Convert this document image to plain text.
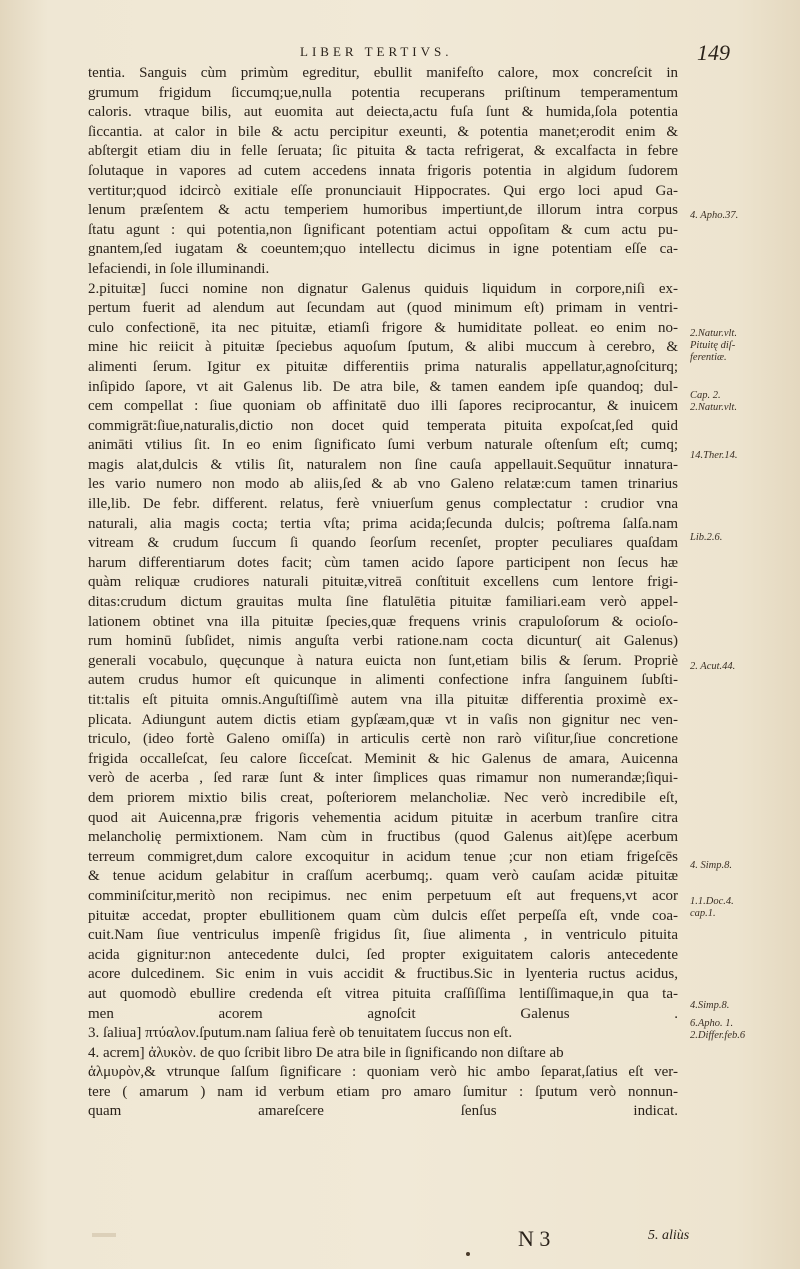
LIBER TERTIVS.	149
tentia. Sanguis cùm primùm egreditur, ebullit manifeſto calore, mox concreſcit in
grumum frigidum ſiccumq;ue,nulla potentia recuperans priſtinum temperamentum
caloris. vtraque bilis, aut euomita aut deiecta,actu fuſa ſunt & humida,ſola potentia
ſiccantia. at calor in bile & actu percipitur exeunti, & potentia manet;erodit enim &
abſtergit etiam diu in felle ſeruata; ſic pituita & tacta refrigerat, & excalfacta in febre
ſolutaque in vapores ad cutem accedens innata frigoris potentia in algidum ſudorem
vertitur;quod idcircò exitiale eſſe pronunciauit Hippocrates. Qui ergo loci apud Ga-
lenum præſentem & actu temperiem humoribus impertiunt,de illorum intra corpus
ſtatu agunt : qui potentia,non ſignificant potentiam actui oppoſitam & cum actu pu-
gnantem,ſed iugatam & coeuntem;quo intellectu dicimus in igne potentiam eſſe ca-
lefaciendi, in ſole illuminandi.
2.pituitæ] ſucci nomine non dignatur Galenus quiduis liquidum in corpore,niſi ex-
pertum fuerit ad alendum aut ſecundam aut (quod minimum eſt) primam in ventri-
culo confectionē, ita nec pituitæ, etiamſi frigore & humiditate polleat. eo enim no-
mine hic reiicit à pituitæ ſpeciebus aquoſum ſputum, & alibi muccum à cerebro, &
alimenti ſerum. Igitur ex pituitæ differentiis prima naturalis appellatur,agnoſciturq;
inſipido ſapore, vt ait Galenus lib. De atra bile, & tamen eandem ipſe quandoq; dul-
cem compellat : ſiue quoniam ob affinitatē duo illi ſapores reciprocantur, & inuicem
commigrāt:ſiue,naturalis,dictio non docet quid temperata pituita expoſcat,ſed quid
animāti vtilius ſit. In eo enim ſignificato ſumi verbum naturale oſtenſum eſt; cumq;
magis alat,dulcis & vtilis ſit, naturalem non ſine cauſa appellauit.Sequūtur innatura-
les vario numero non modo ab aliis,ſed & ab vno Galeno relatæ:cum tamen trinarius
ille,lib. De febr. different. relatus, ferè vniuerſum genus complectatur : crudior vna
naturali, alia magis cocta; tertia vſta; prima acida;ſecunda dulcis; poſtrema ſalſa.nam
vitream & crudum ſuccum ſi quando ſeorſum recenſet, propter peculiares quaſdam
harum differentiarum dotes facit; cùm tamen acido ſapore participent non ſecus hæ
quàm reliquæ crudiores naturali pituitæ,vitreā conſtituit excellens cum lentore frigi-
ditas:crudum dictum grauitas multa ſine flatulētia pituitæ familiari.eam verò appel-
lationem obtinet vna illa pituitæ ſpecies,quæ frequens vrinis crapuloſorum & ocioſo-
rum hominū ſubſidet, nimis anguſta verbi ratione.nam cocta dicuntur( ait Galenus)
generali vocabulo, quęcunque à natura euicta non ſunt,etiam bilis & ſerum. Propriè
autem crudus humor eſt quicunque in alimenti confectione infra ſanguinem ſubſti-
tit:talis eſt pituita omnis.Anguſtiſſimè autem vna illa pituitæ differentia proximè ex-
plicata. Adiungunt autem dictis etiam gypſæam,quæ vt in vaſis non gignitur nec ven-
triculo, (ideo fortè Galeno omiſſa) in articulis certè non rarò viſitur,ſiue concretione
frigida occalleſcat, ſeu calore ſicceſcat. Meminit & hic Galenus de amara, Auicenna
verò de acerba , ſed raræ ſunt & inter ſimplices quas rimamur non numerandæ;ſiqui-
dem priorem mixtio bilis creat, poſteriorem melancholiæ. Nec verò incredibile eſt,
quod ait Auicenna,præ frigoris vehementia acidum pituitæ in acerbum tranſire citra
melancholię permixtionem. Nam cùm in fructibus (quod Galenus ait)ſępe acerbum
terreum commigret,dum calore excoquitur in acidum tenue ;cur non etiam frigeſcēs
& tenue acidum gelabitur in craſſum acerbumq;. quam verò cauſam acidæ pituitæ
comminiſcitur,meritò non recipimus. nec enim perpetuum eſt aut frequens,vt acor
pituitæ accedat, propter ebullitionem quam cùm dulcis eſſet perpeſſa eſt, vnde coa-
cuit.Nam ſiue ventriculus impenſè frigidus ſit, ſiue alimenta , in ventriculo pituita
acida gignitur:non antecedente dulci, ſed propter exiguitatem caloris antecedente
acore dulcedinem. Sic enim in vuis accidit & fructibus.Sic in lyenteria ructus acidus,
aut quomodò ebullire credenda eſt vitrea pituita craſſiſſima lentiſſimaque,in qua ta-
men acorem agnoſcit Galenus .
3. ſaliua] πτύαλον.ſputum.nam ſaliua ferè ob tenuitatem ſuccus non eſt.
4. acrem] ἀλυκὸν. de quo ſcribit libro De atra bile in ſignificando non diſtare ab
ἁλμυρὸν,& vtrunque ſalſum ſignificare : quoniam verò hic ambo ſeparat,ſatius eſt ver-
tere ( amarum ) nam id verbum etiam pro amaro ſumitur : ſputum verò nonnun-
quam amareſcere ſenſus indicat.
4. Apho.37.
2.Natur.vlt.
Pituitę diſ-
ferentiæ.
Cap. 2.
2.Natur.vlt.
14.Ther.14.
Lib.2.6.
2. Acut.44.
4. Simp.8.
1.1.Doc.4.
cap.1.
4.Simp.8.
6.Apho. 1.
2.Differ.feb.6
N 3	5. aliùs
